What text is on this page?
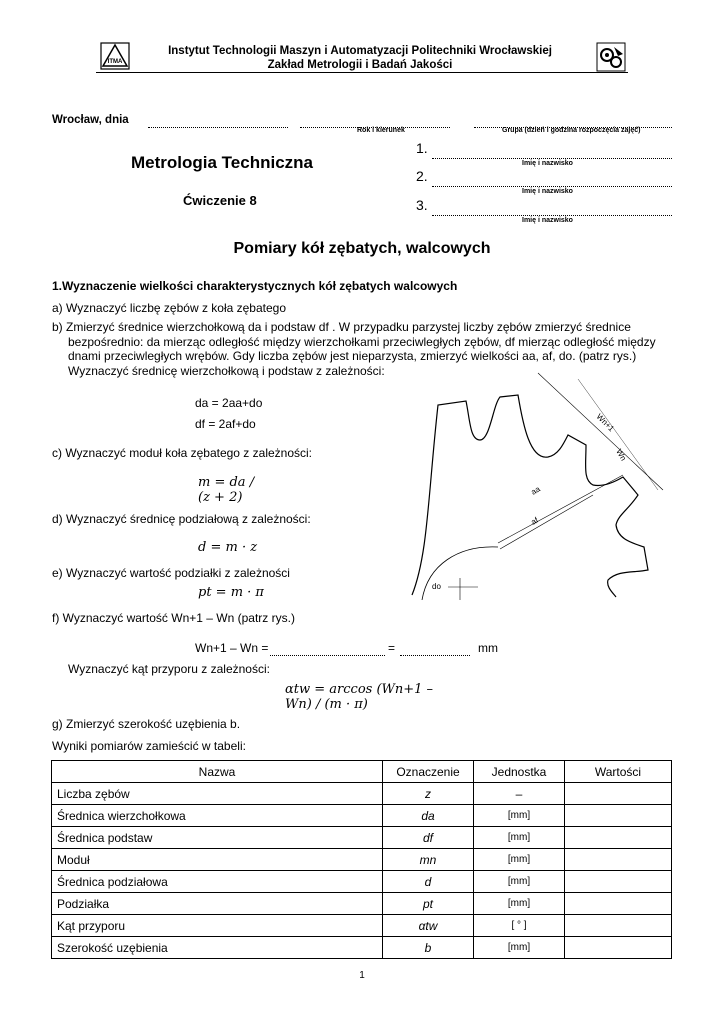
ITMA
Instytut Technologii Maszyn i Automatyzacji Politechniki Wrocławskiej
Zakład Metrologii i Badań Jakości
Wrocław, dnia
Rok i kierunek	Grupa (dzień i godzina rozpoczęcia zajęć)
Metrologia Techniczna
Ćwiczenie 8
1.
Imię i nazwisko
2.
Imię i nazwisko
3.
Imię i nazwisko
Pomiary kół zębatych, walcowych
1.Wyznaczenie wielkości charakterystycznych kół zębatych walcowych
a) Wyznaczyć liczbę zębów z koła zębatego
b) Zmierzyć średnice wierzchołkową da i podstaw df . W przypadku parzystej liczby zębów zmierzyć średnice
bezpośrednio: da mierząc odległość między wierzchołkami przeciwległych zębów, df mierząc odległość między
dnami przeciwległych wrębów. Gdy liczba zębów jest nieparzysta, zmierzyć wielkości aa, af, do. (patrz rys.)
Wyznaczyć średnicę wierzchołkową i podstaw z zależności:
da = 2aa+do
df = 2af+do
c) Wyznaczyć moduł koła zębatego z zależności:
m = da / (z + 2)
d) Wyznaczyć średnicę podziałową z zależności:
d = m · z
e) Wyznaczyć wartość podziałki z zależności
pt = m · π
f) Wyznaczyć wartość Wn+1 – Wn (patrz rys.)
Wn+1 – Wn =	=	mm
Wyznaczyć kąt przyporu z zależności:
αtw = arccos (Wn+1 – Wn) / (m · π)
g) Zmierzyć szerokość uzębienia b.
Wyniki pomiarów zamieścić w tabeli:
Wn+1
Wn
aa
af
do
Nazwa	Oznaczenie	Jednostka	Wartości
Liczba zębów	z	–	
Średnica wierzchołkowa	da	[mm]	
Średnica podstaw	df	[mm]	
Moduł	mn	[mm]	
Średnica podziałowa	d	[mm]	
Podziałka	pt	[mm]	
Kąt przyporu	αtw	[ ° ]	
Szerokość uzębienia	b	[mm]	
1
